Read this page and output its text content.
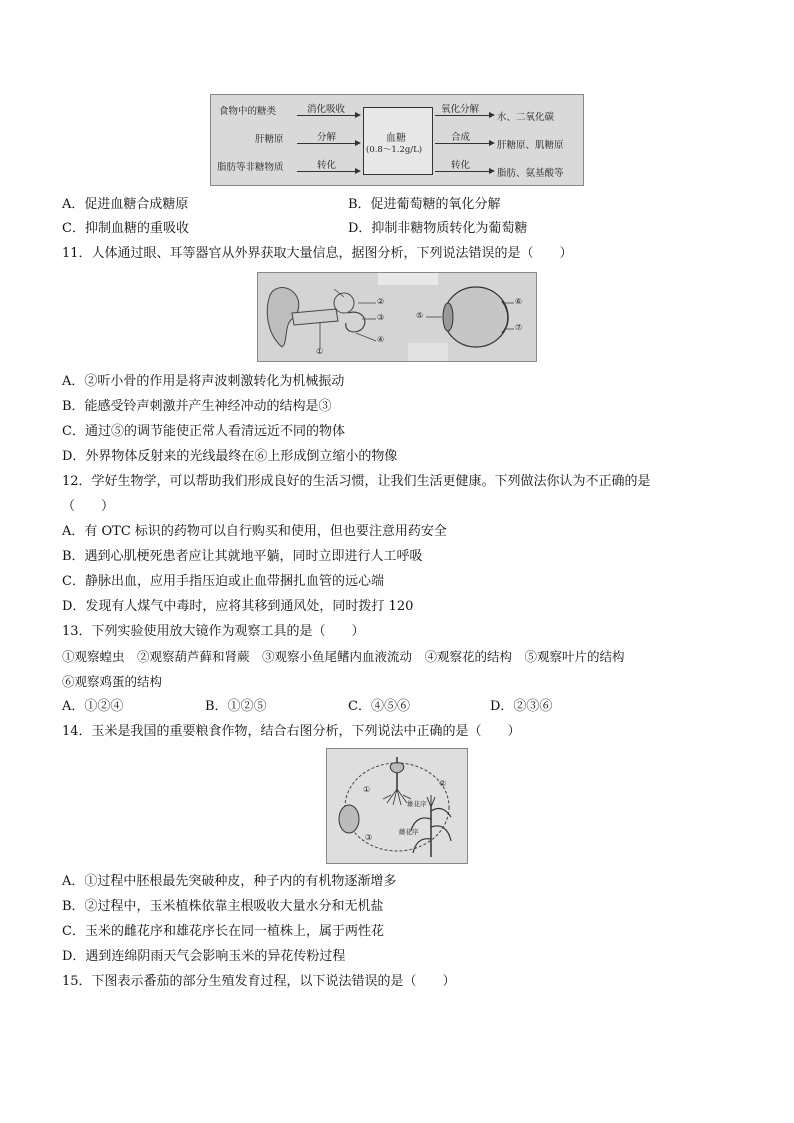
食物中的糖类
肝糖原
脂肪等非糖物质
消化吸收
分解
转化
血糖
(0.8～1.2g/L)
氧化分解
合成
转化
水、二氧化碳
肝糖原、肌糖原
脂肪、氨基酸等
A．促进血糖合成糖原	B．促进葡萄糖的氧化分解
C．抑制血糖的重吸收	D．抑制非糖物质转化为葡萄糖
11．人体通过眼、耳等器官从外界获取大量信息，据图分析，下列说法错误的是（　　）
①
②
③
④
⑤
⑥
⑦
A．②听小骨的作用是将声波刺激转化为机械振动
B．能感受铃声刺激并产生神经冲动的结构是③
C．通过⑤的调节能使正常人看清远近不同的物体
D．外界物体反射来的光线最终在⑥上形成倒立缩小的物像
12．学好生物学，可以帮助我们形成良好的生活习惯，让我们生活更健康。下列做法你认为不正确的是
（　　）
A．有 OTC 标识的药物可以自行购买和使用，但也要注意用药安全
B．遇到心肌梗死患者应让其就地平躺，同时立即进行人工呼吸
C．静脉出血，应用手指压迫或止血带捆扎血管的远心端
D．发现有人煤气中毒时，应将其移到通风处，同时拨打 120
13．下列实验使用放大镜作为观察工具的是（　　）
①观察蝗虫　②观察葫芦藓和肾蕨　③观察小鱼尾鳍内血液流动　④观察花的结构　⑤观察叶片的结构
⑥观察鸡蛋的结构
A．①②④	B．①②⑤	C．④⑤⑥	D．②③⑥
14．玉米是我国的重要粮食作物，结合右图分析，下列说法中正确的是（　　）
①
②
③
雄花序
雌花序
A．①过程中胚根最先突破种皮，种子内的有机物逐渐增多
B．②过程中，玉米植株依靠主根吸收大量水分和无机盐
C．玉米的雌花序和雄花序长在同一植株上，属于两性花
D．遇到连绵阴雨天气会影响玉米的异花传粉过程
15．下图表示番茄的部分生殖发育过程，以下说法错误的是（　　）
